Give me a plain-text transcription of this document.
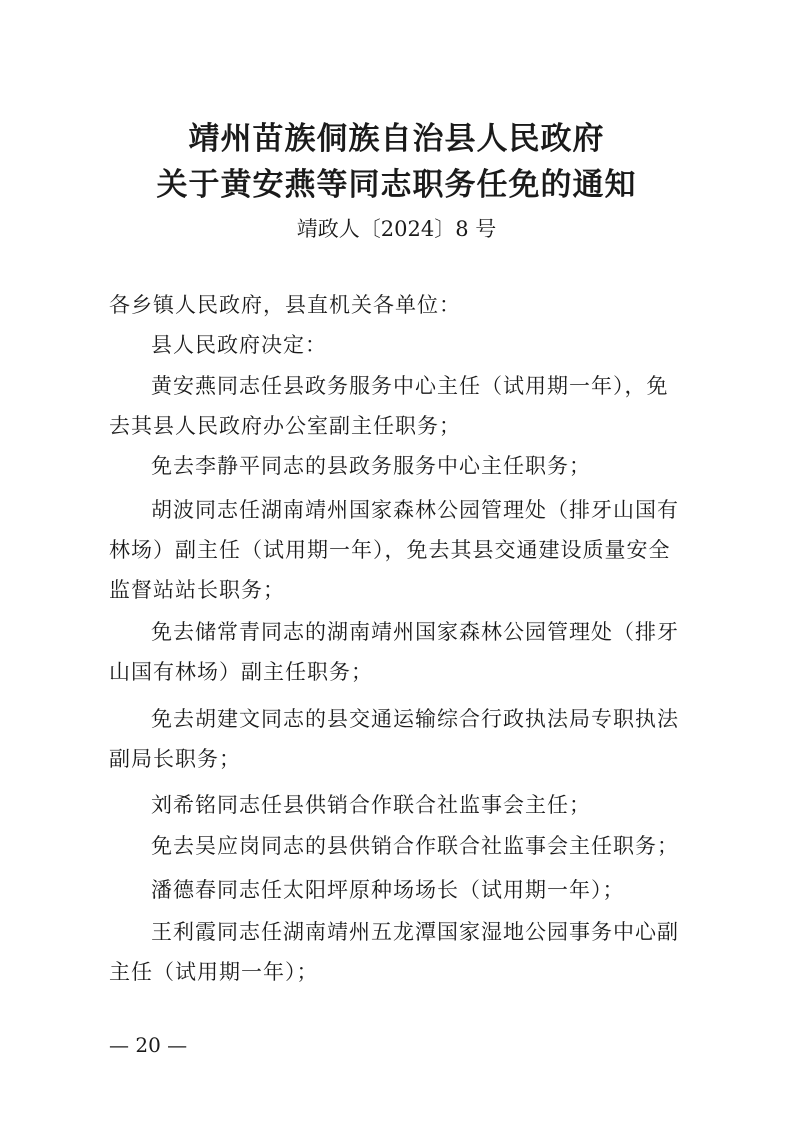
靖州苗族侗族自治县人民政府
关于黄安燕等同志职务任免的通知
靖政人〔2024〕8 号

各乡镇人民政府，县直机关各单位：

县人民政府决定：

黄安燕同志任县政务服务中心主任（试用期一年），免去其县人民政府办公室副主任职务；

免去李静平同志的县政务服务中心主任职务；

胡波同志任湖南靖州国家森林公园管理处（排牙山国有林场）副主任（试用期一年），免去其县交通建设质量安全监督站站长职务；

免去储常青同志的湖南靖州国家森林公园管理处（排牙山国有林场）副主任职务；

免去胡建文同志的县交通运输综合行政执法局专职执法副局长职务；

刘希铭同志任县供销合作联合社监事会主任；

免去吴应岗同志的县供销合作联合社监事会主任职务；

潘德春同志任太阳坪原种场场长（试用期一年）；

王利霞同志任湖南靖州五龙潭国家湿地公园事务中心副主任（试用期一年）；

— 20 —
